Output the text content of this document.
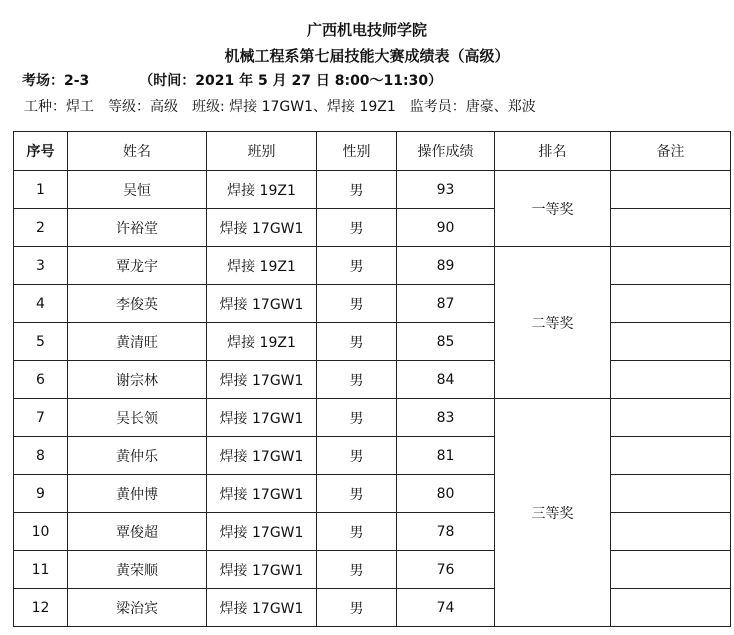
广西机电技师学院
机械工程系第七届技能大赛成绩表（高级）
考场：2-3	（时间：2021 年 5 月 27 日 8:00～11:30）
工种：焊工 等级：高级 班级: 焊接 17GW1、焊接 19Z1 监考员：唐豪、郑波
序号	姓名	班别	性别	操作成绩	排名	备注
1	吴恒	焊接 19Z1	男	93	一等奖	
2	许裕堂	焊接 17GW1	男	90		
3	覃龙宇	焊接 19Z1	男	89	二等奖	
4	李俊英	焊接 17GW1	男	87		
5	黄清旺	焊接 19Z1	男	85		
6	谢宗林	焊接 17GW1	男	84		
7	吴长领	焊接 17GW1	男	83	三等奖	
8	黄仲乐	焊接 17GW1	男	81		
9	黄仲博	焊接 17GW1	男	80		
10	覃俊超	焊接 17GW1	男	78		
11	黄荣顺	焊接 17GW1	男	76		
12	梁治宾	焊接 17GW1	男	74		
